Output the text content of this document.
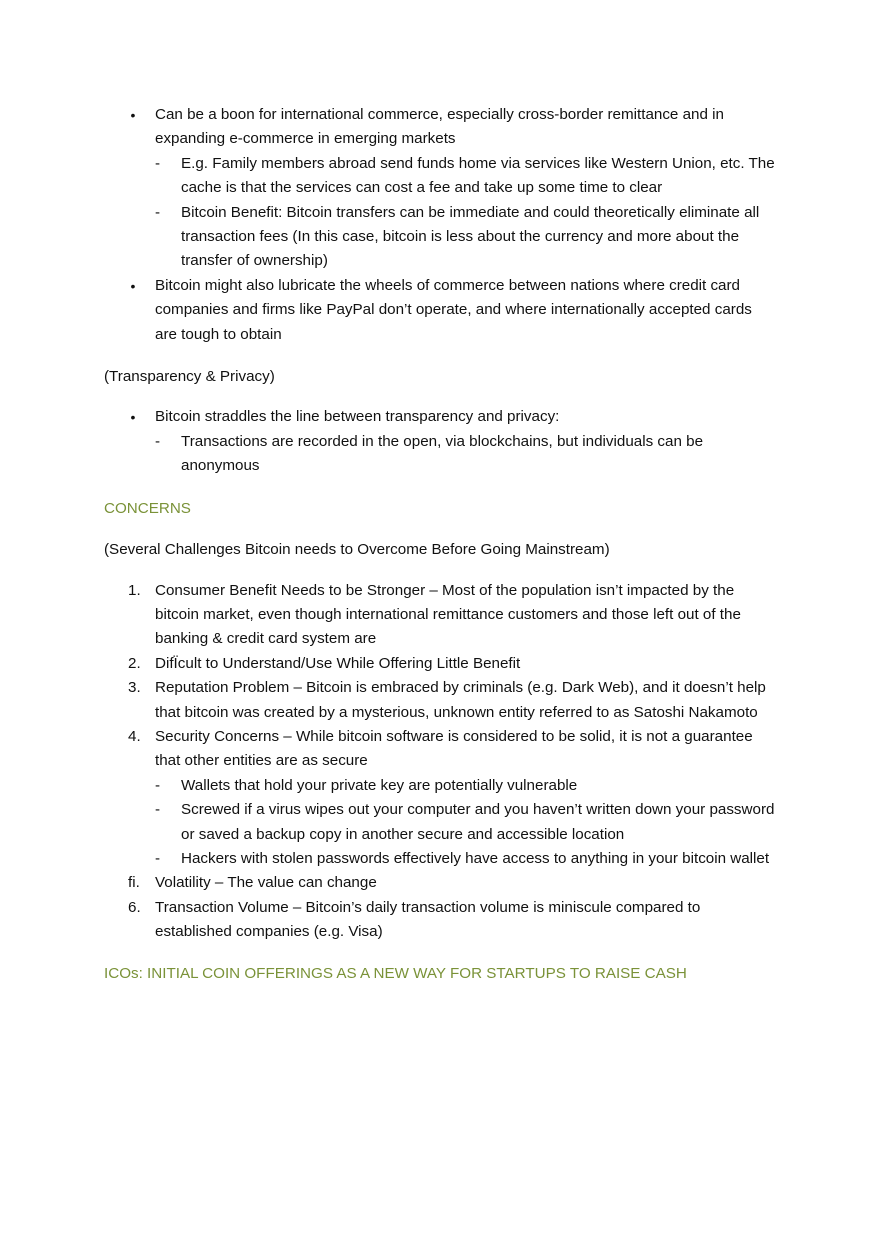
• Can be a boon for international commerce, especially cross-border remittance and in expanding e-commerce in emerging markets
- E.g. Family members abroad send funds home via services like Western Union, etc. The cache is that the services can cost a fee and take up some time to clear
- Bitcoin Benefit: Bitcoin transfers can be immediate and could theoretically eliminate all transaction fees (In this case, bitcoin is less about the currency and more about the transfer of ownership)
• Bitcoin might also lubricate the wheels of commerce between nations where credit card companies and firms like PayPal don’t operate, and where internationally accepted cards are tough to obtain
(Transparency & Privacy)
• Bitcoin straddles the line between transparency and privacy:
- Transactions are recorded in the open, via blockchains, but individuals can be anonymous
CONCERNS
(Several Challenges Bitcoin needs to Overcome Before Going Mainstream)
1. Consumer Benefit Needs to be Stronger – Most of the population isn’t impacted by the bitcoin market, even though international remittance customers and those left out of the banking & credit card system are
2. DifÏcult to Understand/Use While Offering Little Benefit
3. Reputation Problem – Bitcoin is embraced by criminals (e.g. Dark Web), and it doesn’t help that bitcoin was created by a mysterious, unknown entity referred to as Satoshi Nakamoto
4. Security Concerns – While bitcoin software is considered to be solid, it is not a guarantee that other entities are as secure
- Wallets that hold your private key are potentially vulnerable
- Screwed if a virus wipes out your computer and you haven’t written down your password or saved a backup copy in another secure and accessible location
- Hackers with stolen passwords effectively have access to anything in your bitcoin wallet
ﬁ. Volatility – The value can change
6. Transaction Volume – Bitcoin’s daily transaction volume is miniscule compared to established companies (e.g. Visa)
ICOs: INITIAL COIN OFFERINGS AS A NEW WAY FOR STARTUPS TO RAISE CASH
